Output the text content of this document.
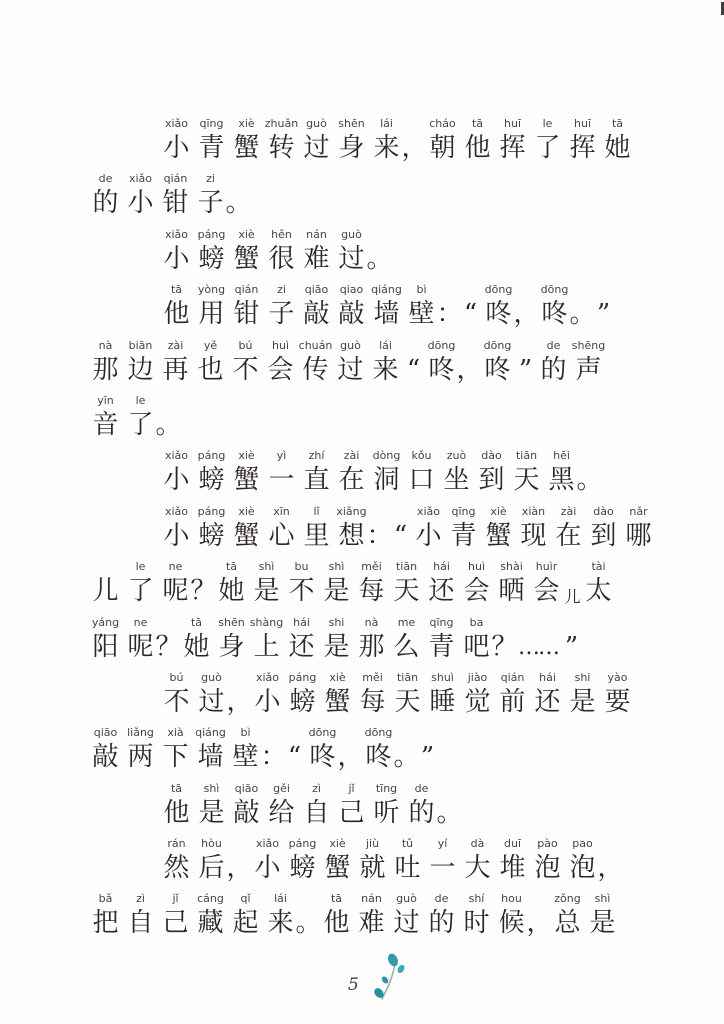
xiǎo
小
qīng
青
xiè
蟹
zhuǎn
转
guò
过
shēn
身
lái
来 ，
cháo
朝
tā
他
huī
挥
le
了
huī
挥
tā
她
de
的
xiǎo
小
qián
钳
zi
子 。
xiǎo
小
páng
螃
xiè
蟹
hěn
很
nán
难
guò
过 。
tā
他
yòng
用
qián
钳
zi
子
qiāo
敲
qiao
敲
qiáng
墙
bì
壁 ： “
dōng
咚 ，
dōng
咚 。 ”
nà
那
biān
边
zài
再
yě
也
bú
不
huì
会
chuán
传
guò
过
lái
来 “
dōng
咚 ，
dōng
咚 ”
de
的
shēng
声
yīn
音
le
了 。
xiǎo
小
páng
螃
xiè
蟹
yì
一
zhí
直
zài
在
dòng
洞
kǒu
口
zuò
坐
dào
到
tiān
天
hēi
黑 。
xiǎo
小
páng
螃
xiè
蟹
xīn
心
lǐ
里
xiǎng
想 ： “
xiǎo
小
qīng
青
xiè
蟹
xiàn
现
zài
在
dào
到
nǎr
哪
儿
le
了
ne
呢 ？
tā
她
shì
是
bu
不
shì
是
měi
每
tiān
天
hái
还
huì
会
shài
晒
huìr
会 儿
tài
太
yáng
阳
ne
呢 ？
tā
她
shēn
身
shàng
上
hái
还
shi
是
nà
那
me
么
qīng
青
ba
吧 ？ …… ”
bú
不
guò
过 ，
xiǎo
小
páng
螃
xiè
蟹
měi
每
tiān
天
shuì
睡
jiào
觉
qián
前
hái
还
shi
是
yào
要
qiāo
敲
liǎng
两
xià
下
qiáng
墙
bì
壁 ： “
dōng
咚 ，
dōng
咚 。 ”
tā
他
shì
是
qiāo
敲
gěi
给
zì
自
jǐ
己
tīng
听
de
的 。
rán
然
hòu
后 ，
xiǎo
小
páng
螃
xiè
蟹
jiù
就
tǔ
吐
yí
一
dà
大
duī
堆
pào
泡
pao
泡 ，
bǎ
把
zì
自
jǐ
己
cáng
藏
qǐ
起
lái
来 。
tā
他
nán
难
guò
过
de
的
shí
时
hou
候 ，
zǒng
总
shì
是
5
